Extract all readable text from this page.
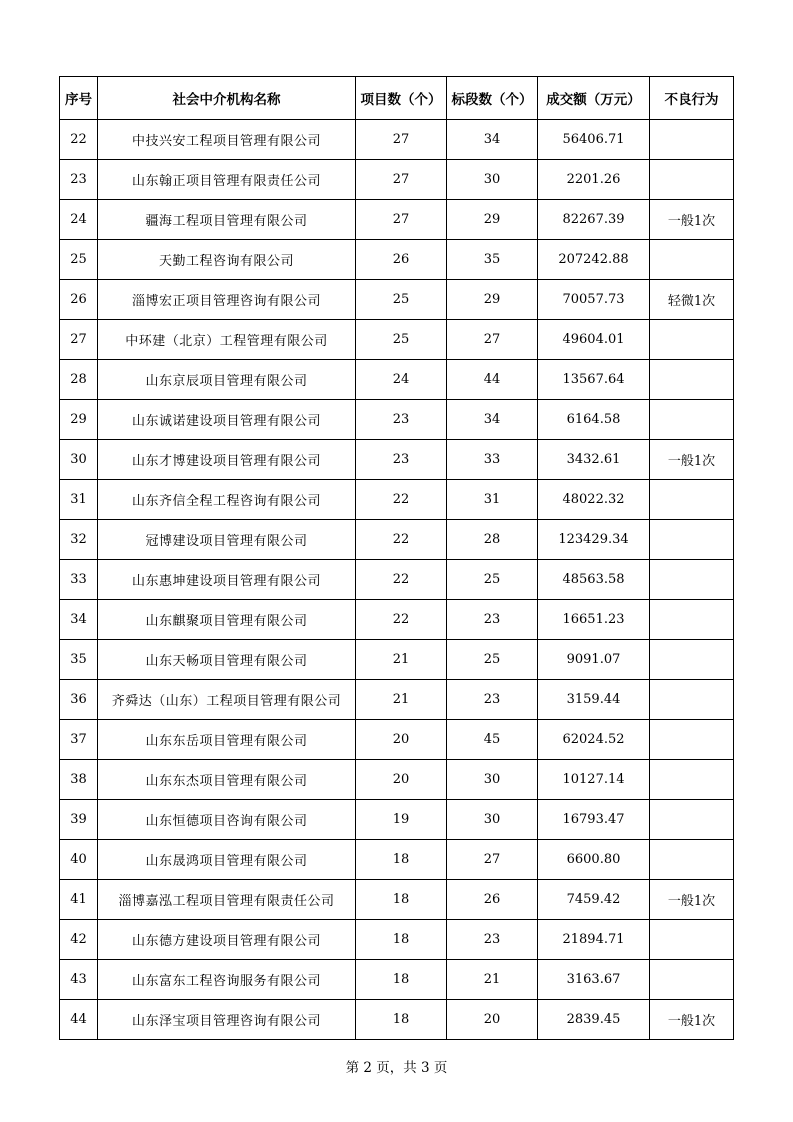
序号	社会中介机构名称	项目数（个）	标段数（个）	成交额（万元）	不良行为
22	中技兴安工程项目管理有限公司	27	34	56406.71	
23	山东翰正项目管理有限责任公司	27	30	2201.26	
24	疆海工程项目管理有限公司	27	29	82267.39	一般1次
25	天勤工程咨询有限公司	26	35	207242.88	
26	淄博宏正项目管理咨询有限公司	25	29	70057.73	轻微1次
27	中环建（北京）工程管理有限公司	25	27	49604.01	
28	山东京辰项目管理有限公司	24	44	13567.64	
29	山东诚诺建设项目管理有限公司	23	34	6164.58	
30	山东才博建设项目管理有限公司	23	33	3432.61	一般1次
31	山东齐信全程工程咨询有限公司	22	31	48022.32	
32	冠博建设项目管理有限公司	22	28	123429.34	
33	山东惠坤建设项目管理有限公司	22	25	48563.58	
34	山东麒聚项目管理有限公司	22	23	16651.23	
35	山东天畅项目管理有限公司	21	25	9091.07	
36	齐舜达（山东）工程项目管理有限公司	21	23	3159.44	
37	山东东岳项目管理有限公司	20	45	62024.52	
38	山东东杰项目管理有限公司	20	30	10127.14	
39	山东恒德项目咨询有限公司	19	30	16793.47	
40	山东晟鸿项目管理有限公司	18	27	6600.80	
41	淄博嘉泓工程项目管理有限责任公司	18	26	7459.42	一般1次
42	山东德方建设项目管理有限公司	18	23	21894.71	
43	山东富东工程咨询服务有限公司	18	21	3163.67	
44	山东泽宝项目管理咨询有限公司	18	20	2839.45	一般1次
第 2 页，共 3 页
